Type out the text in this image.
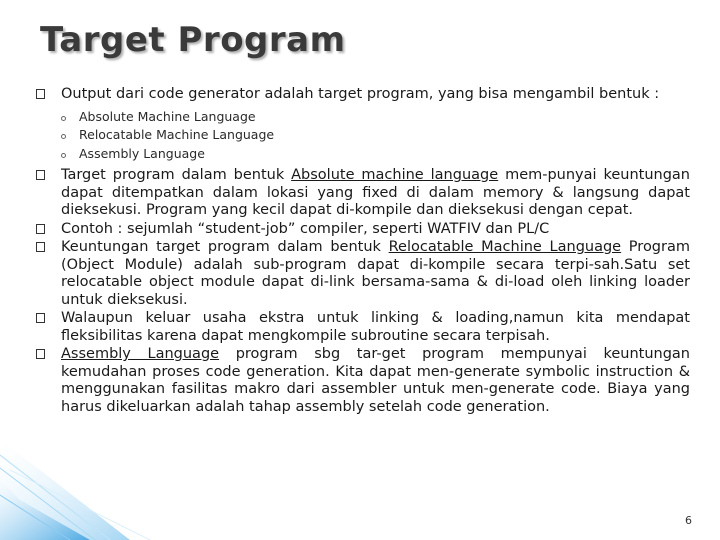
Target Program
Output dari code generator adalah target program, yang bisa mengambil bentuk :
Absolute Machine Language
Relocatable Machine Language
Assembly Language
Target program dalam bentuk Absolute machine language mem-punyai keuntungan dapat ditempatkan dalam lokasi yang fixed di dalam memory & langsung dapat dieksekusi. Program yang kecil dapat di-kompile dan dieksekusi dengan cepat.
Contoh : sejumlah “student-job” compiler, seperti WATFIV dan PL/C
Keuntungan target program dalam bentuk Relocatable Machine Language Program (Object Module) adalah sub-program dapat di-kompile secara terpi-sah.Satu set relocatable object module dapat di-link bersama-sama & di-load oleh linking loader untuk dieksekusi.
Walaupun keluar usaha ekstra untuk linking & loading,namun kita mendapat fleksibilitas karena dapat mengkompile subroutine secara terpisah.
Assembly Language program sbg tar-get program mempunyai keuntungan kemudahan proses code generation. Kita dapat men-generate symbolic instruction & menggunakan fasilitas makro dari assembler untuk men-generate code. Biaya yang harus dikeluarkan adalah tahap assembly setelah code generation.
6
